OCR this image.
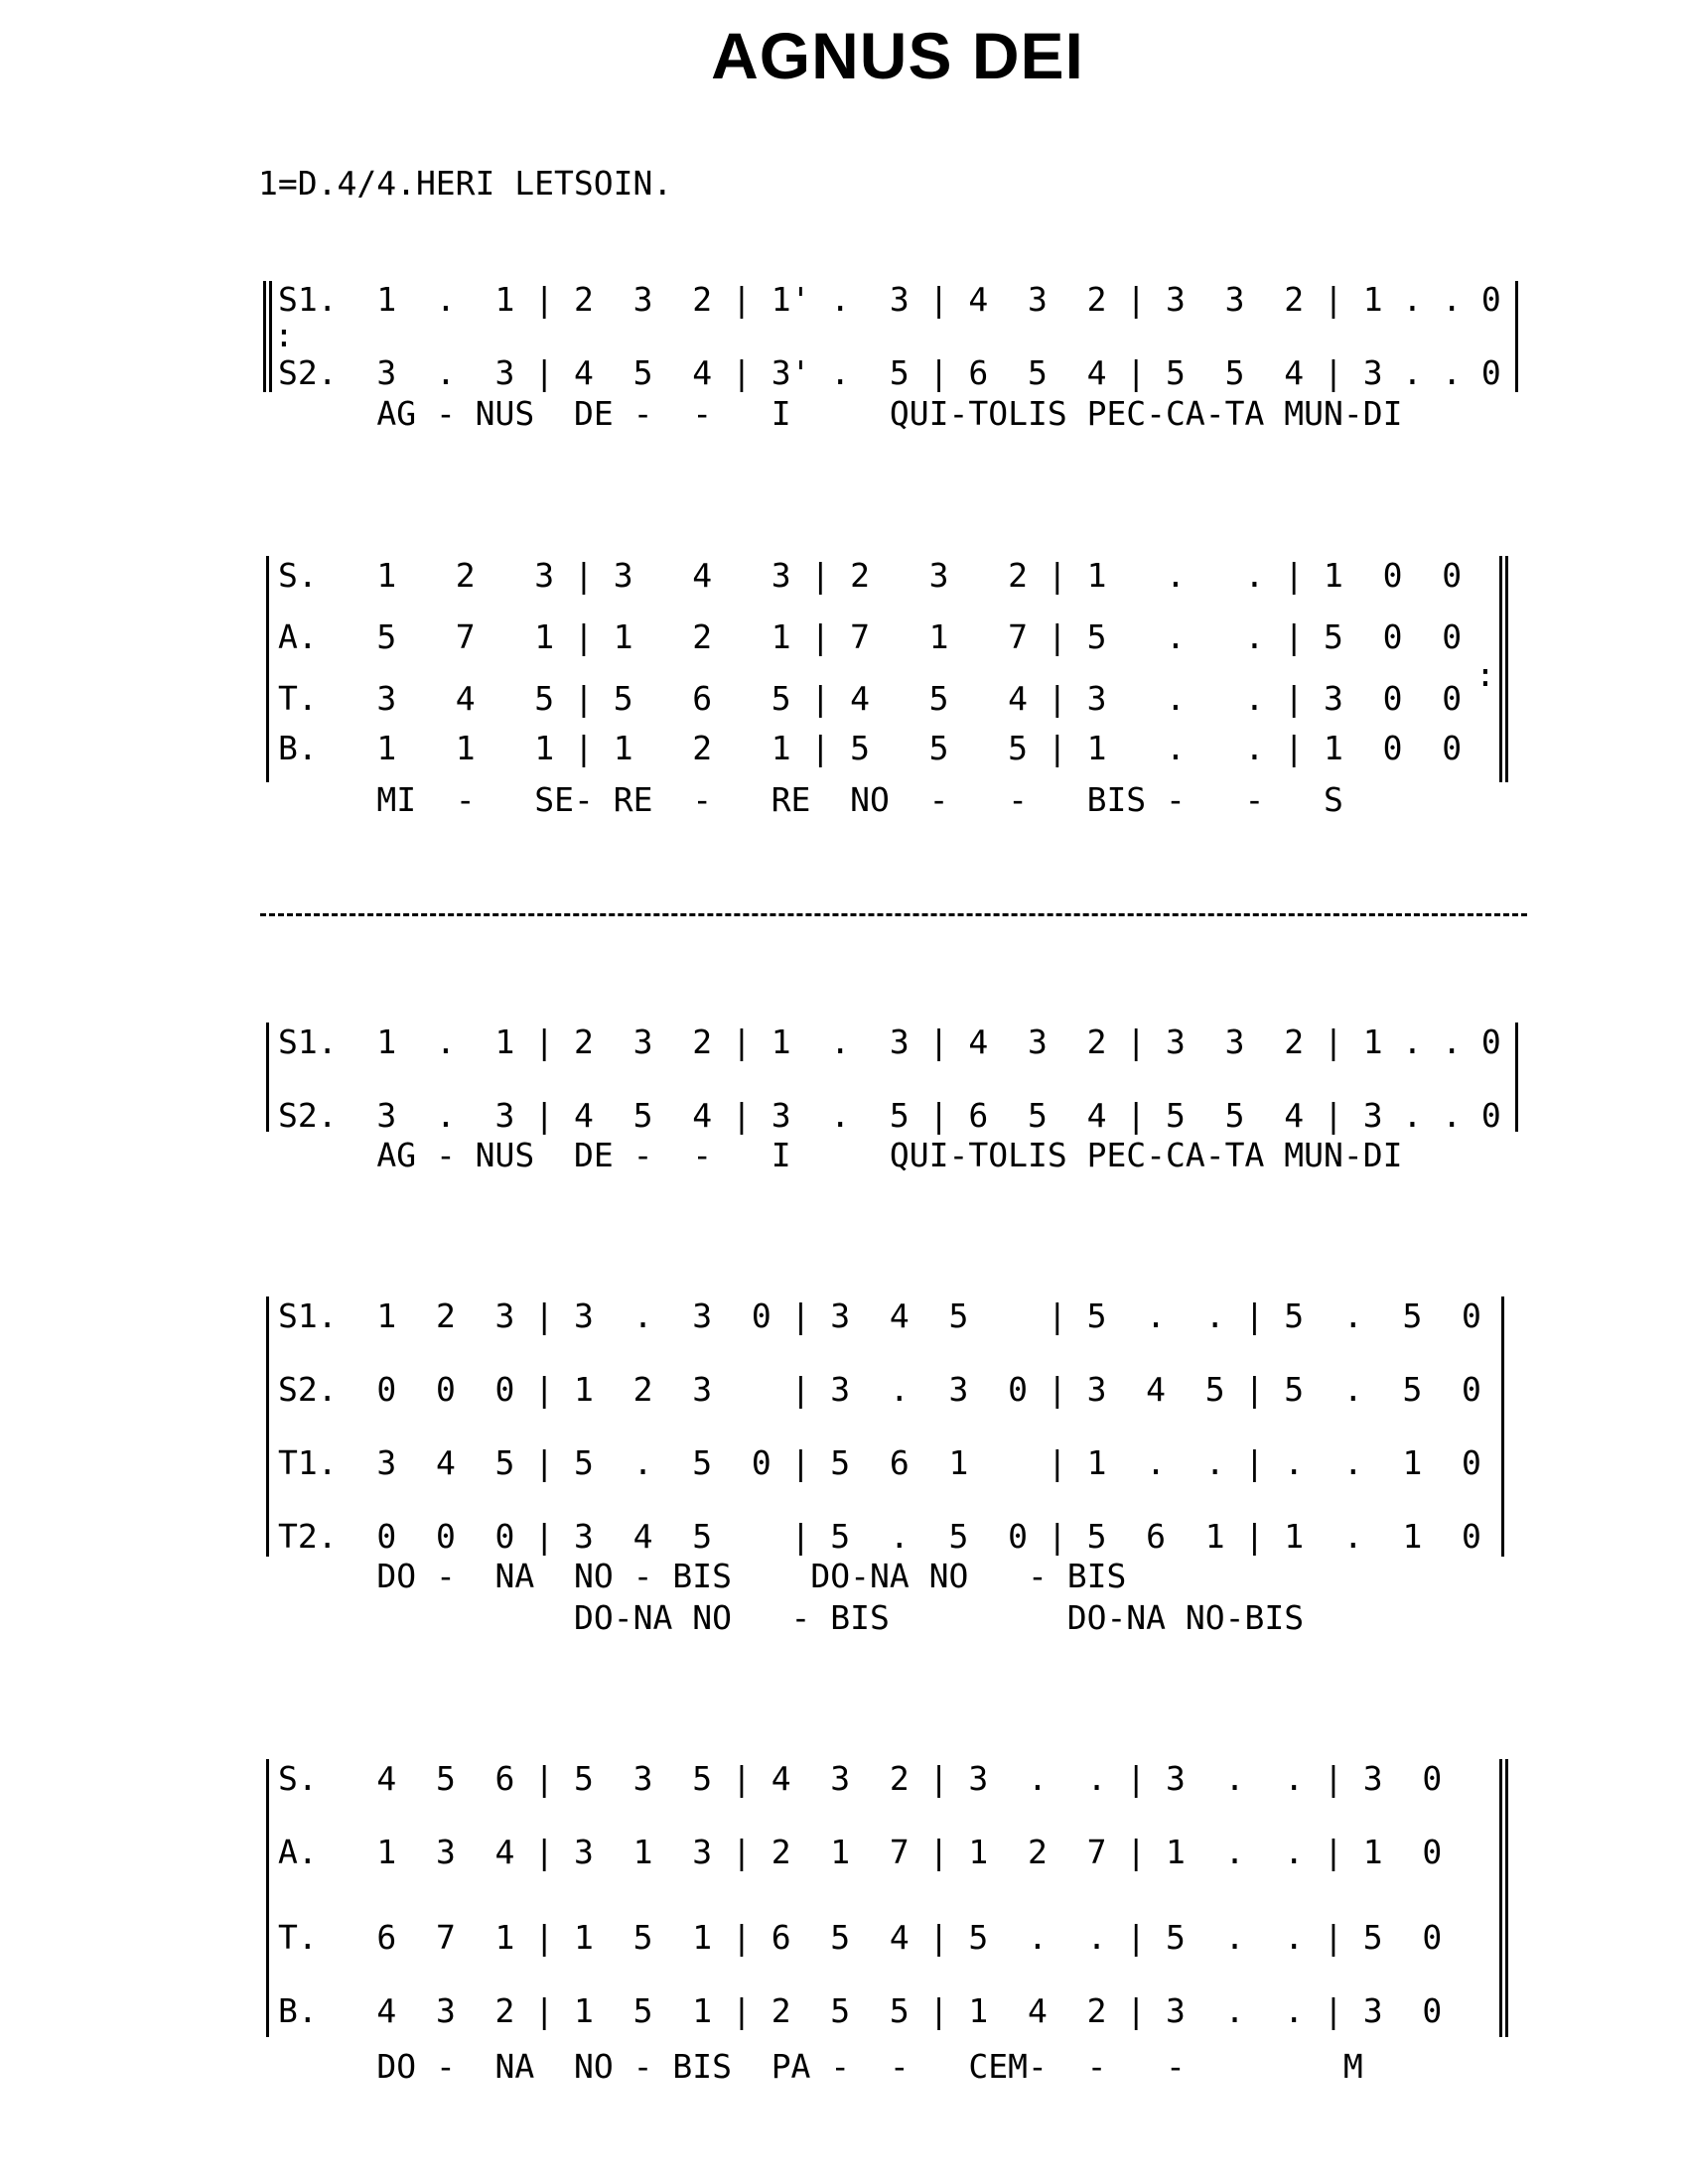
AGNUS DEI
1=D.4/4.HERI LETSOIN.

:

S1.  1  .  1 | 2  3  2 | 1' .  3 | 4  3  2 | 3  3  2 | 1 . . 0

S2.  3  .  3 | 4  5  4 | 3' .  5 | 6  5  4 | 5  5  4 | 3 . . 0

AG - NUS  DE -  -   I     QUI-TOLIS PEC-CA-TA MUN-DI

S.   1   2   3 | 3   4   3 | 2   3   2 | 1   .   . | 1  0  0

A.   5   7   1 | 1   2   1 | 7   1   7 | 5   .   . | 5  0  0

T.   3   4   5 | 5   6   5 | 4   5   4 | 3   .   . | 3  0  0

B.   1   1   1 | 1   2   1 | 5   5   5 | 1   .   . | 1  0  0

MI  -   SE- RE  -   RE  NO  -   -   BIS -   -   S

:

S1.  1  .  1 | 2  3  2 | 1  .  3 | 4  3  2 | 3  3  2 | 1 . . 0

S2.  3  .  3 | 4  5  4 | 3  .  5 | 6  5  4 | 5  5  4 | 3 . . 0

AG - NUS  DE -  -   I     QUI-TOLIS PEC-CA-TA MUN-DI

S1.  1  2  3 | 3  .  3  0 | 3  4  5    | 5  .  . | 5  .  5  0

S2.  0  0  0 | 1  2  3    | 3  .  3  0 | 3  4  5 | 5  .  5  0

T1.  3  4  5 | 5  .  5  0 | 5  6  1    | 1  .  . | .  .  1  0

T2.  0  0  0 | 3  4  5    | 5  .  5  0 | 5  6  1 | 1  .  1  0

DO -  NA  NO - BIS    DO-NA NO   - BIS

DO-NA NO   - BIS         DO-NA NO-BIS

S.   4  5  6 | 5  3  5 | 4  3  2 | 3  .  . | 3  .  . | 3  0

A.   1  3  4 | 3  1  3 | 2  1  7 | 1  2  7 | 1  .  . | 1  0

T.   6  7  1 | 1  5  1 | 6  5  4 | 5  .  . | 5  .  . | 5  0

B.   4  3  2 | 1  5  1 | 2  5  5 | 1  4  2 | 3  .  . | 3  0

DO -  NA  NO - BIS  PA -  -   CEM-  -   -        M
